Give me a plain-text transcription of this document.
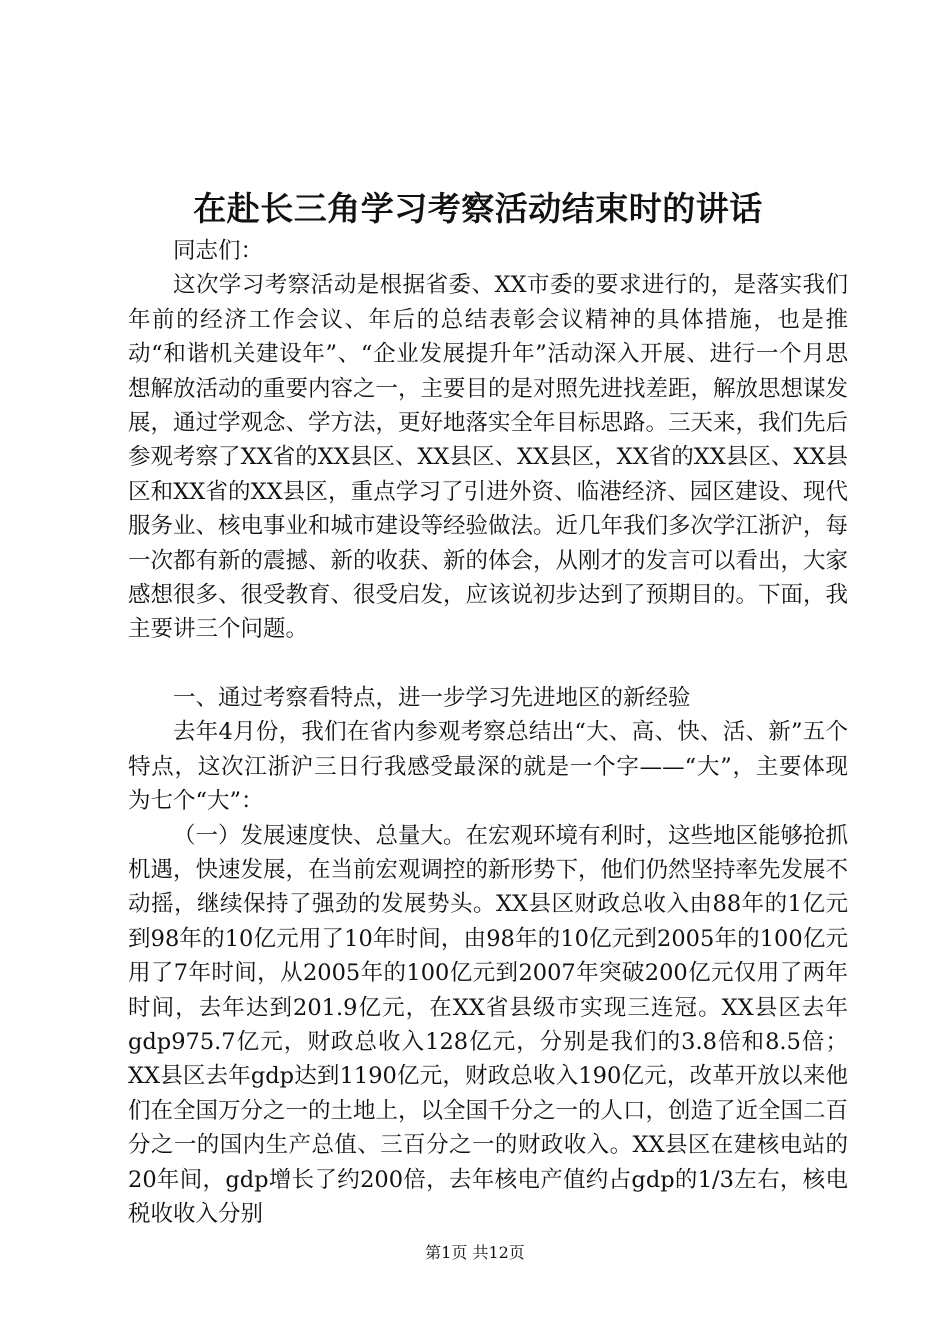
在赴长三角学习考察活动结束时的讲话

同志们：

这次学习考察活动是根据省委、XX市委的要求进行的，是落实我们年前的经济工作会议、年后的总结表彰会议精神的具体措施，也是推动“和谐机关建设年”、“企业发展提升年”活动深入开展、进行一个月思想解放活动的重要内容之一，主要目的是对照先进找差距，解放思想谋发展，通过学观念、学方法，更好地落实全年目标思路。三天来，我们先后参观考察了XX省的XX县区、XX县区、XX县区，XX省的XX县区、XX县区和XX省的XX县区，重点学习了引进外资、临港经济、园区建设、现代服务业、核电事业和城市建设等经验做法。近几年我们多次学江浙沪，每一次都有新的震撼、新的收获、新的体会，从刚才的发言可以看出，大家感想很多、很受教育、很受启发，应该说初步达到了预期目的。下面，我主要讲三个问题。

一、通过考察看特点，进一步学习先进地区的新经验

去年4月份，我们在省内参观考察总结出“大、高、快、活、新”五个特点，这次江浙沪三日行我感受最深的就是一个字——“大”，主要体现为七个“大”：

（一）发展速度快、总量大。在宏观环境有利时，这些地区能够抢抓机遇，快速发展，在当前宏观调控的新形势下，他们仍然坚持率先发展不动摇，继续保持了强劲的发展势头。XX县区财政总收入由88年的1亿元到98年的10亿元用了10年时间，由98年的10亿元到2005年的100亿元用了7年时间，从2005年的100亿元到2007年突破200亿元仅用了两年时间，去年达到201.9亿元，在XX省县级市实现三连冠。XX县区去年gdp975.7亿元，财政总收入128亿元，分别是我们的3.8倍和8.5倍；XX县区去年gdp达到1190亿元，财政总收入190亿元，改革开放以来他们在全国万分之一的土地上，以全国千分之一的人口，创造了近全国二百分之一的国内生产总值、三百分之一的财政收入。XX县区在建核电站的20年间，gdp增长了约200倍，去年核电产值约占gdp的1/3左右，核电税收收入分别

第1页 共12页
